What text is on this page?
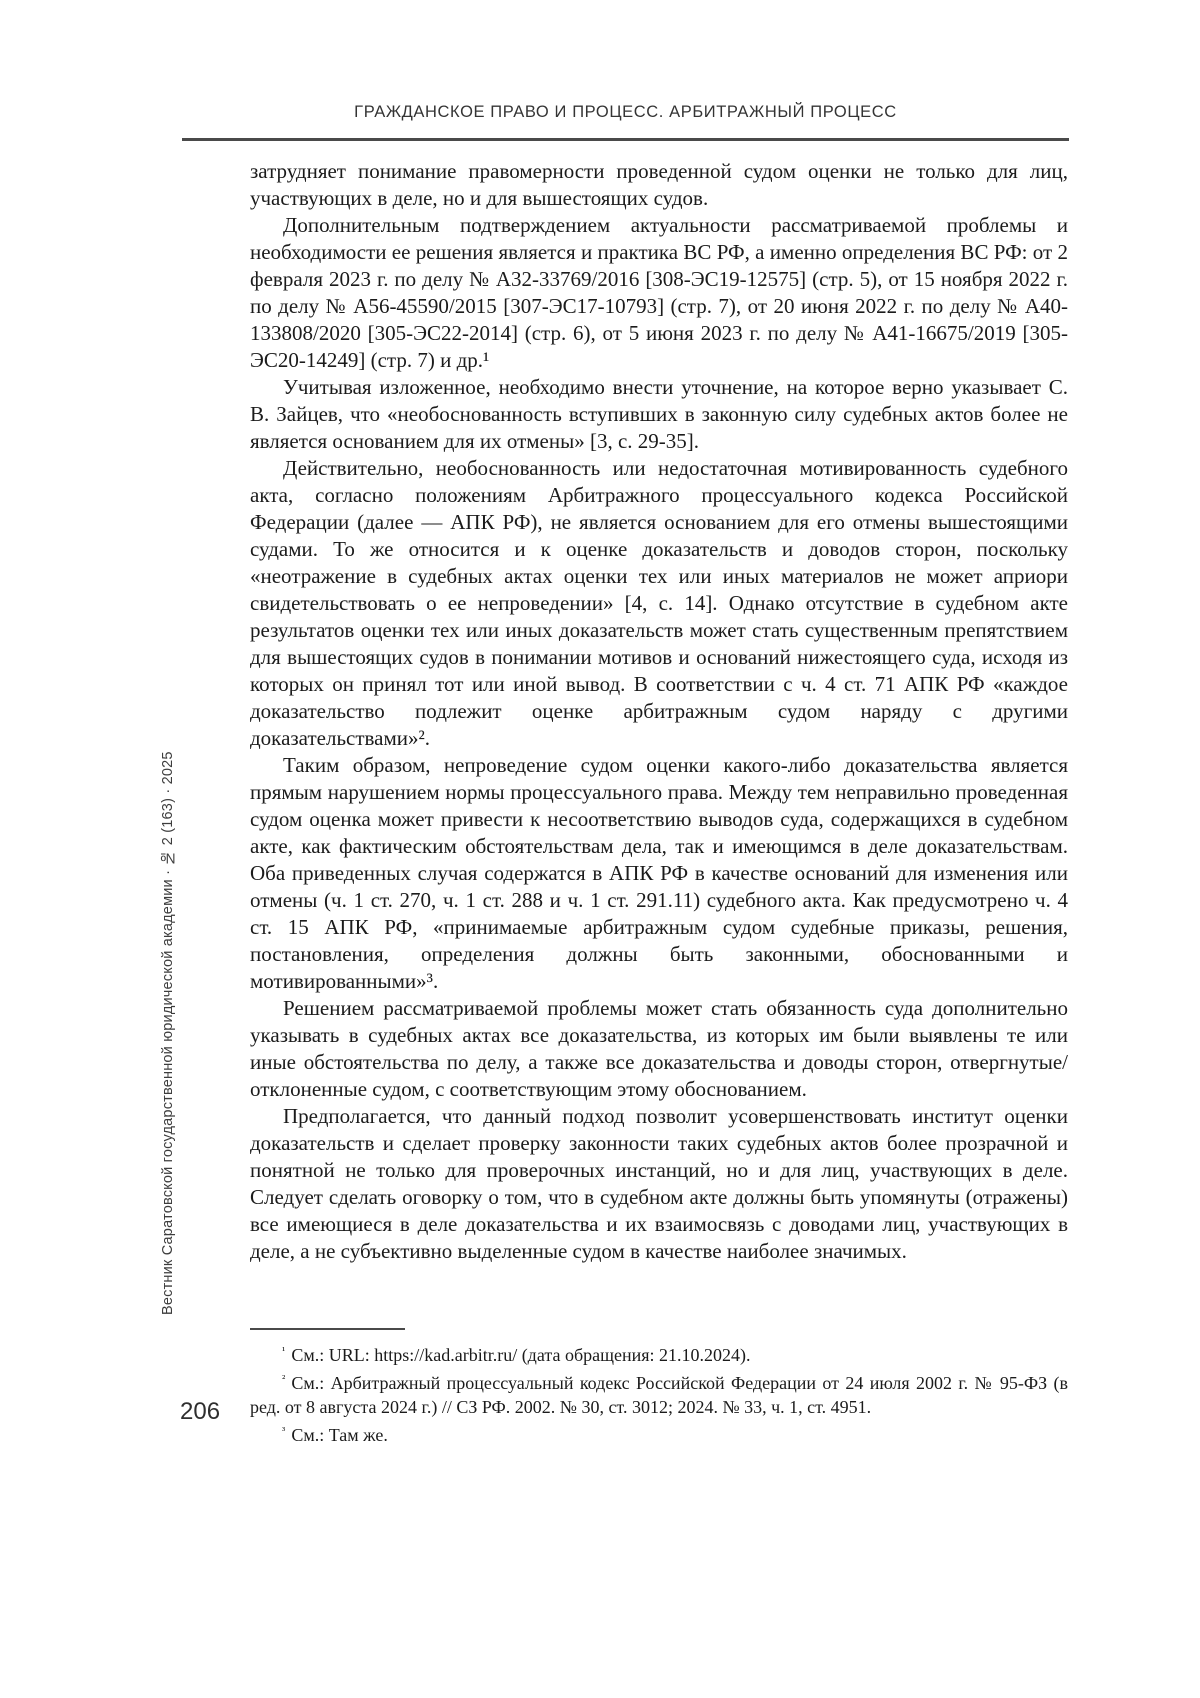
ГРАЖДАНСКОЕ ПРАВО И ПРОЦЕСС. АРБИТРАЖНЫЙ ПРОЦЕСС

затрудняет понимание правомерности проведенной судом оценки не только для лиц, участвующих в деле, но и для вышестоящих судов.

Дополнительным подтверждением актуальности рассматриваемой проблемы и необходимости ее решения является и практика ВС РФ, а именно определения ВС РФ: от 2 февраля 2023 г. по делу № А32-33769/2016 [308-ЭС19-12575] (стр. 5), от 15 ноября 2022 г. по делу № А56-45590/2015 [307-ЭС17-10793] (стр. 7), от 20 июня 2022 г. по делу № А40-133808/2020 [305-ЭС22-2014] (стр. 6), от 5 июня 2023 г. по делу № А41-16675/2019 [305-ЭС20-14249] (стр. 7) и др.¹

Учитывая изложенное, необходимо внести уточнение, на которое верно указывает С. В. Зайцев, что «необоснованность вступивших в законную силу судебных актов более не является основанием для их отмены» [3, с. 29-35].

Действительно, необоснованность или недостаточная мотивированность судебного акта, согласно положениям Арбитражного процессуального кодекса Российской Федерации (далее — АПК РФ), не является основанием для его отмены вышестоящими судами. То же относится и к оценке доказательств и доводов сторон, поскольку «неотражение в судебных актах оценки тех или иных материалов не может априори свидетельствовать о ее непроведении» [4, с. 14]. Однако отсутствие в судебном акте результатов оценки тех или иных доказательств может стать существенным препятствием для вышестоящих судов в понимании мотивов и оснований нижестоящего суда, исходя из которых он принял тот или иной вывод. В соответствии с ч. 4 ст. 71 АПК РФ «каждое доказательство подлежит оценке арбитражным судом наряду с другими доказательствами»².

Таким образом, непроведение судом оценки какого-либо доказательства является прямым нарушением нормы процессуального права. Между тем неправильно проведенная судом оценка может привести к несоответствию выводов суда, содержащихся в судебном акте, как фактическим обстоятельствам дела, так и имеющимся в деле доказательствам. Оба приведенных случая содержатся в АПК РФ в качестве оснований для изменения или отмены (ч. 1 ст. 270, ч. 1 ст. 288 и ч. 1 ст. 291.11) судебного акта. Как предусмотрено ч. 4 ст. 15 АПК РФ, «принимаемые арбитражным судом судебные приказы, решения, постановления, определения должны быть законными, обоснованными и мотивированными»³.

Решением рассматриваемой проблемы может стать обязанность суда дополнительно указывать в судебных актах все доказательства, из которых им были выявлены те или иные обстоятельства по делу, а также все доказательства и доводы сторон, отвергнутые/отклоненные судом, с соответствующим этому обоснованием.

Предполагается, что данный подход позволит усовершенствовать институт оценки доказательств и сделает проверку законности таких судебных актов более прозрачной и понятной не только для проверочных инстанций, но и для лиц, участвующих в деле. Следует сделать оговорку о том, что в судебном акте должны быть упомянуты (отражены) все имеющиеся в деле доказательства и их взаимосвязь с доводами лиц, участвующих в деле, а не субъективно выделенные судом в качестве наиболее значимых.

Вестник Саратовской государственной юридической академии · № 2 (163) · 2025

$^{^1}$ См.: URL: https://kad.arbitr.ru/ (дата обращения: 21.10.2024).

$^{^2}$ См.: Арбитражный процессуальный кодекс Российской Федерации от 24 июля 2002 г. № 95-ФЗ (в ред. от 8 августа 2024 г.) // СЗ РФ. 2002. № 30, ст. 3012; 2024. № 33, ч. 1, ст. 4951.

$^{^3}$ См.: Там же.

206
